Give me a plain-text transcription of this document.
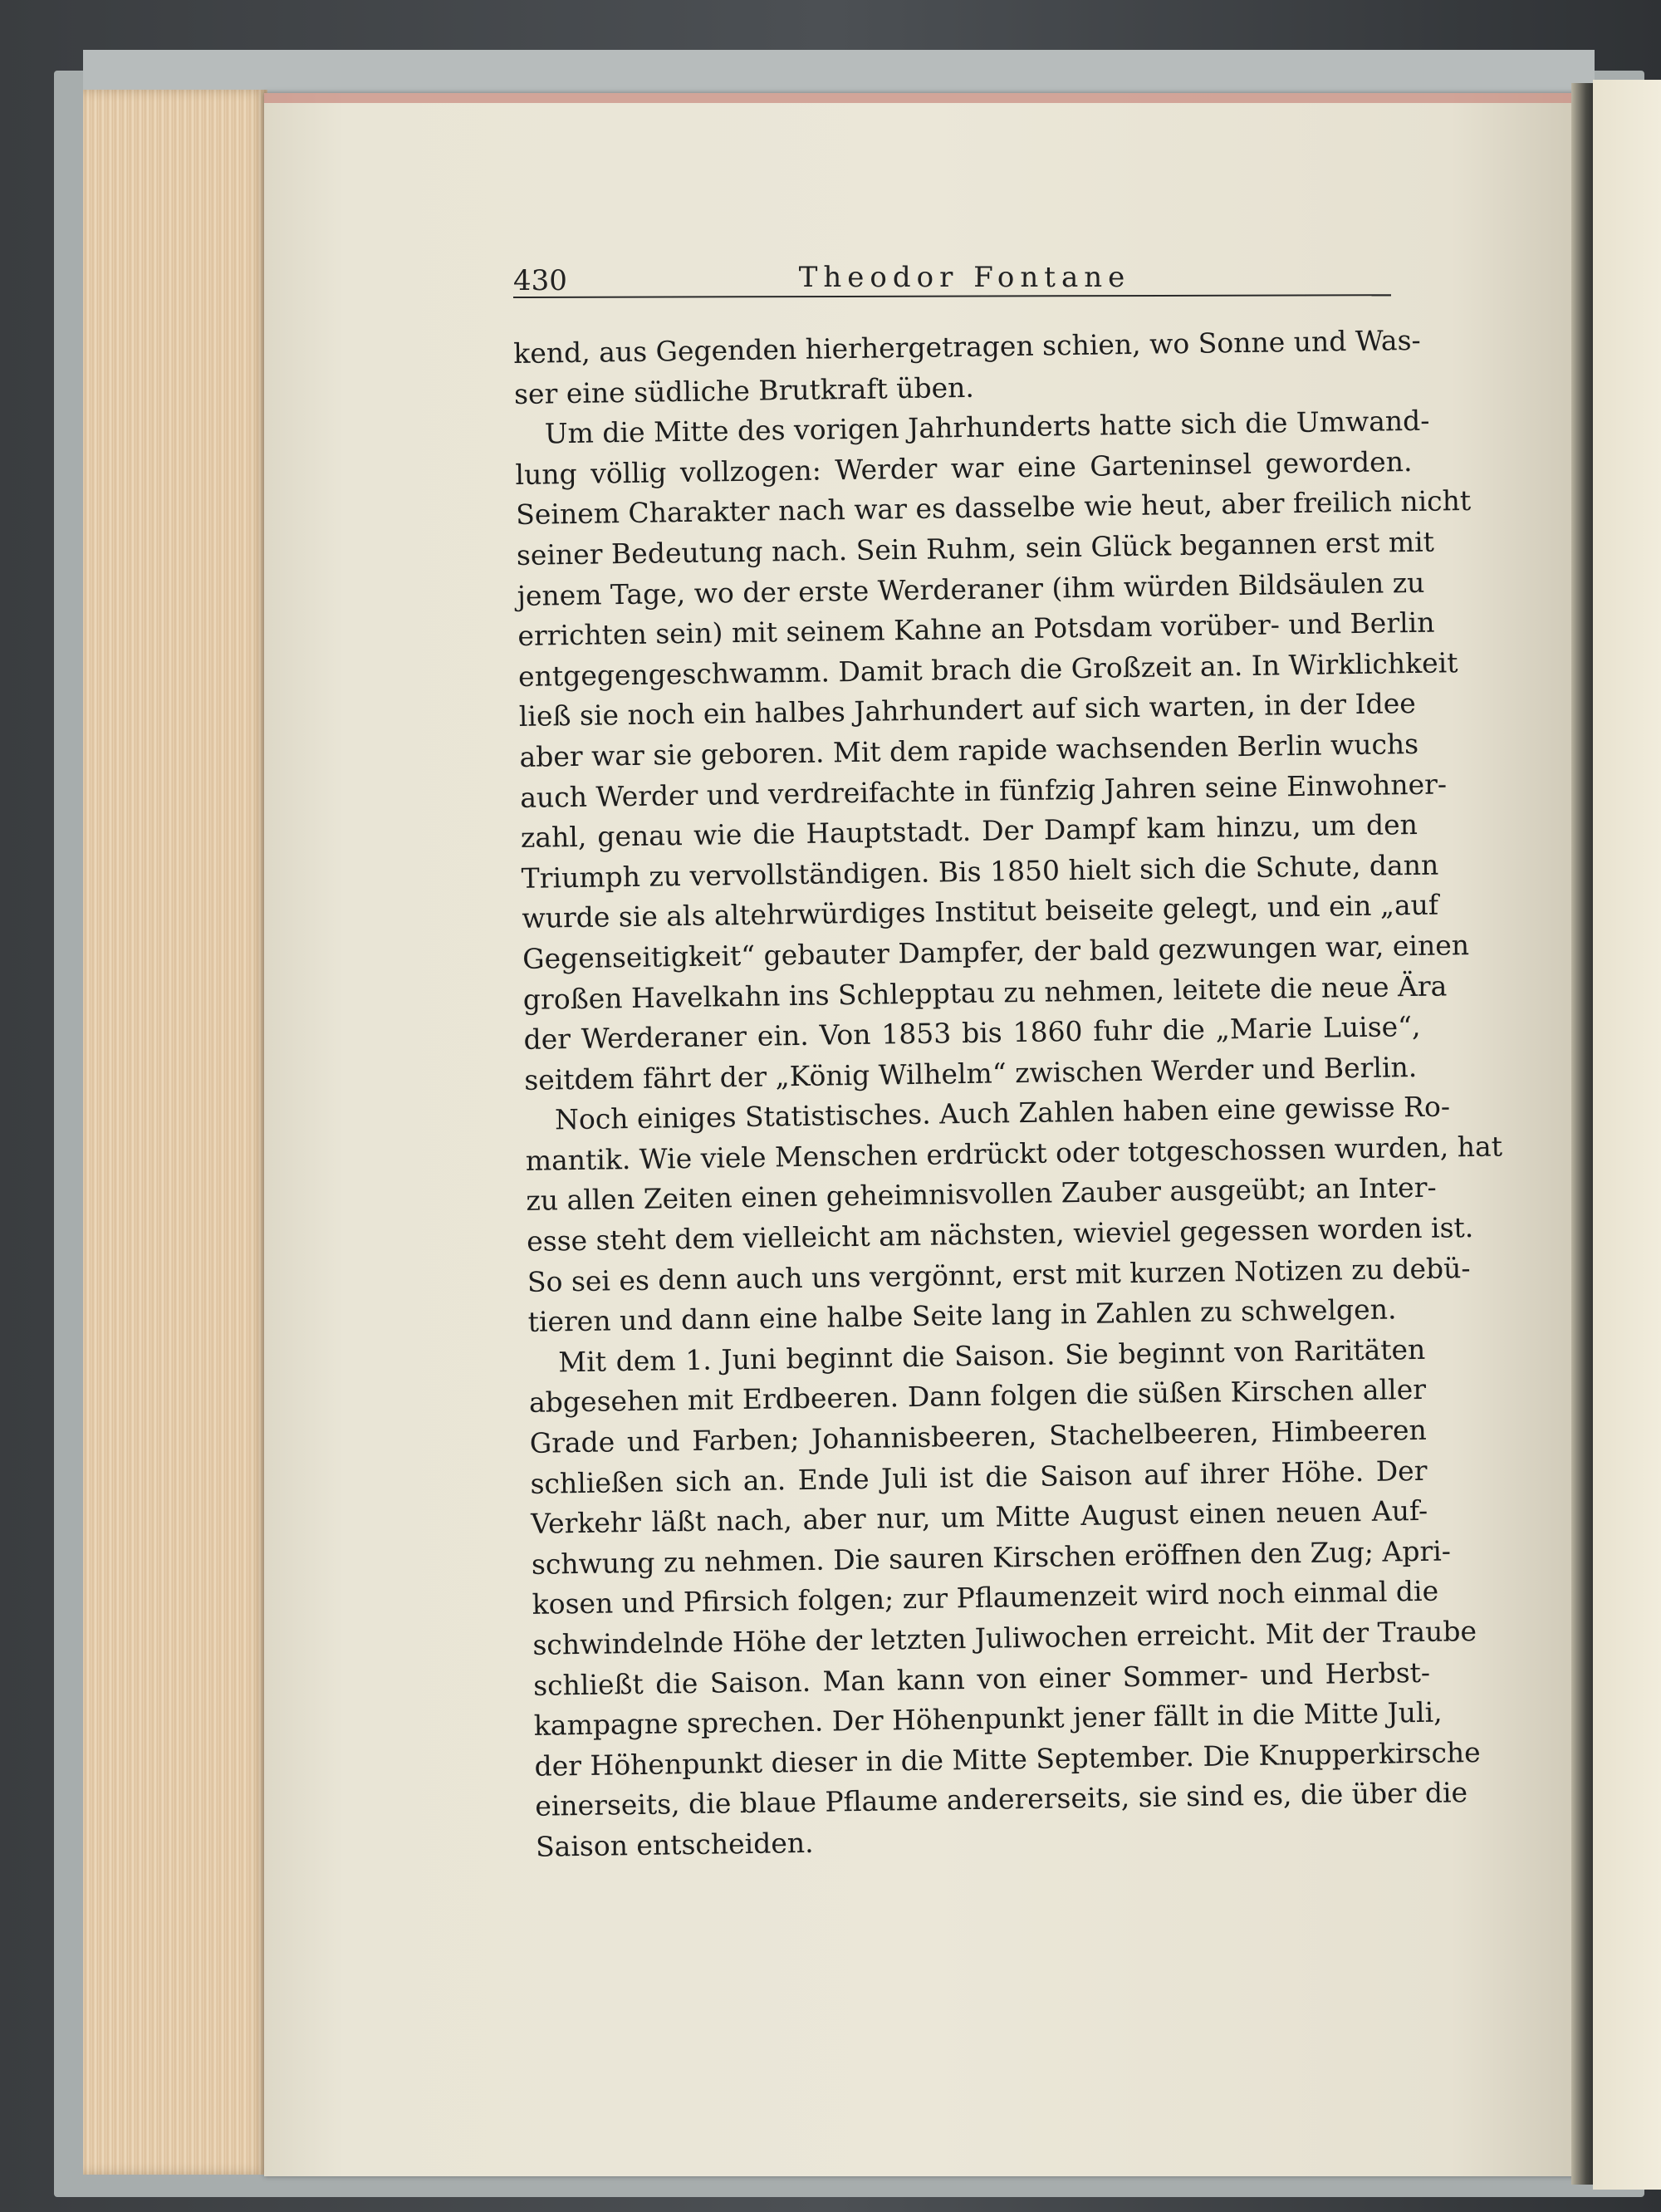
430	Theodor Fontane
kend, aus Gegenden hierhergetragen schien, wo Sonne und Was-
ser eine südliche Brutkraft üben.
Um die Mitte des vorigen Jahrhunderts hatte sich die Umwand-
lung völlig vollzogen: Werder war eine Garteninsel geworden.
Seinem Charakter nach war es dasselbe wie heut, aber freilich nicht
seiner Bedeutung nach. Sein Ruhm, sein Glück begannen erst mit
jenem Tage, wo der erste Werderaner (ihm würden Bildsäulen zu
errichten sein) mit seinem Kahne an Potsdam vorüber- und Berlin
entgegengeschwamm. Damit brach die Großzeit an. In Wirklichkeit
ließ sie noch ein halbes Jahrhundert auf sich warten, in der Idee
aber war sie geboren. Mit dem rapide wachsenden Berlin wuchs
auch Werder und verdreifachte in fünfzig Jahren seine Einwohner-
zahl, genau wie die Hauptstadt. Der Dampf kam hinzu, um den
Triumph zu vervollständigen. Bis 1850 hielt sich die Schute, dann
wurde sie als altehrwürdiges Institut beiseite gelegt, und ein „auf
Gegenseitigkeit“ gebauter Dampfer, der bald gezwungen war, einen
großen Havelkahn ins Schlepptau zu nehmen, leitete die neue Ära
der Werderaner ein. Von 1853 bis 1860 fuhr die „Marie Luise“,
seitdem fährt der „König Wilhelm“ zwischen Werder und Berlin.
Noch einiges Statistisches. Auch Zahlen haben eine gewisse Ro-
mantik. Wie viele Menschen erdrückt oder totgeschossen wurden, hat
zu allen Zeiten einen geheimnisvollen Zauber ausgeübt; an Inter-
esse steht dem vielleicht am nächsten, wieviel gegessen worden ist.
So sei es denn auch uns vergönnt, erst mit kurzen Notizen zu debü-
tieren und dann eine halbe Seite lang in Zahlen zu schwelgen.
Mit dem 1. Juni beginnt die Saison. Sie beginnt von Raritäten
abgesehen mit Erdbeeren. Dann folgen die süßen Kirschen aller
Grade und Farben; Johannisbeeren, Stachelbeeren, Himbeeren
schließen sich an. Ende Juli ist die Saison auf ihrer Höhe. Der
Verkehr läßt nach, aber nur, um Mitte August einen neuen Auf-
schwung zu nehmen. Die sauren Kirschen eröffnen den Zug; Apri-
kosen und Pfirsich folgen; zur Pflaumenzeit wird noch einmal die
schwindelnde Höhe der letzten Juliwochen erreicht. Mit der Traube
schließt die Saison. Man kann von einer Sommer- und Herbst-
kampagne sprechen. Der Höhenpunkt jener fällt in die Mitte Juli,
der Höhenpunkt dieser in die Mitte September. Die Knupperkirsche
einerseits, die blaue Pflaume andererseits, sie sind es, die über die
Saison entscheiden.
